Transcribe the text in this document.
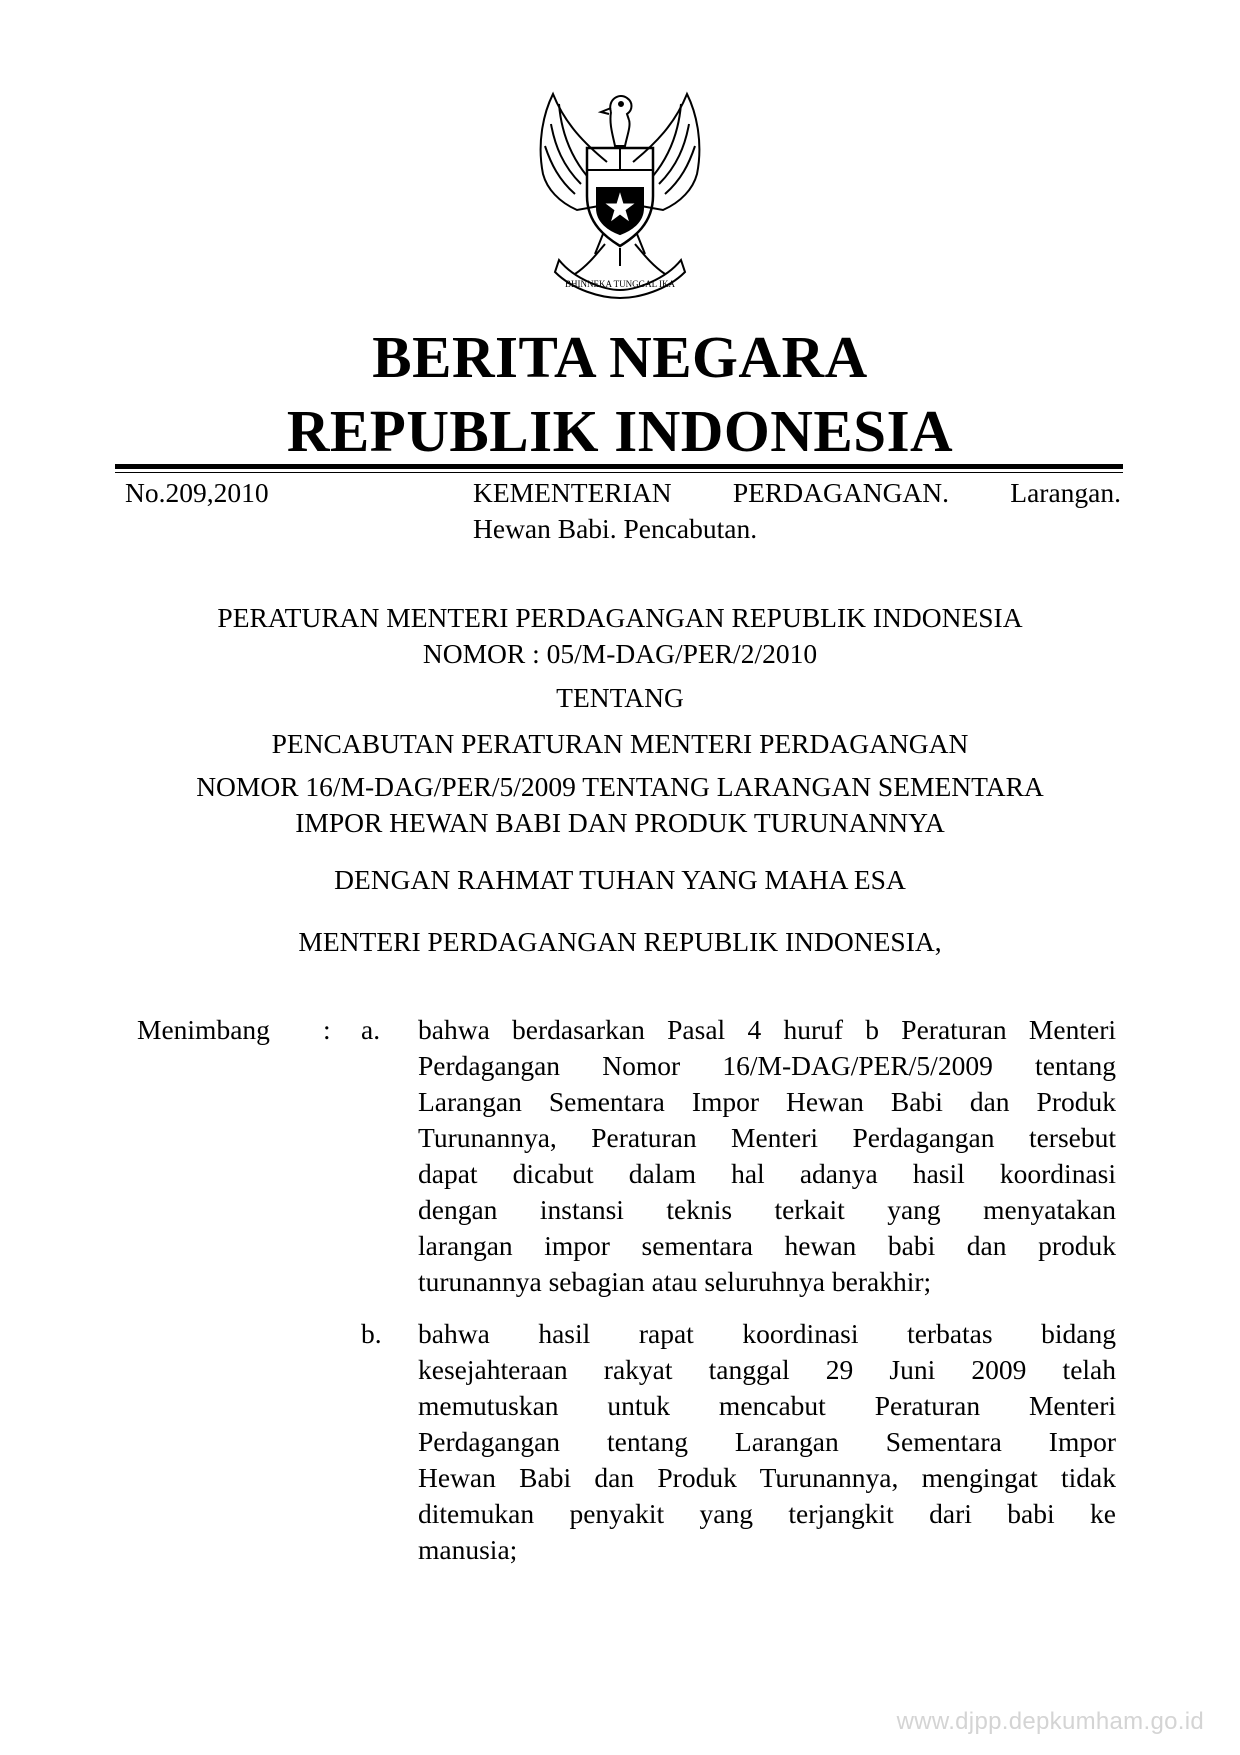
BHINNEKA TUNGGAL IKA
BERITA NEGARA
REPUBLIK INDONESIA
No.209,2010	KEMENTERIAN PERDAGANGAN. Larangan.
Hewan Babi. Pencabutan.
PERATURAN MENTERI PERDAGANGAN REPUBLIK INDONESIA
NOMOR : 05/M-DAG/PER/2/2010
TENTANG
PENCABUTAN PERATURAN MENTERI PERDAGANGAN
NOMOR 16/M-DAG/PER/5/2009 TENTANG LARANGAN SEMENTARA
IMPOR HEWAN BABI DAN PRODUK TURUNANNYA
DENGAN RAHMAT TUHAN YANG MAHA ESA
MENTERI PERDAGANGAN REPUBLIK INDONESIA,
Menimbang : a. bahwa berdasarkan Pasal 4 huruf b Peraturan Menteri
Perdagangan Nomor 16/M-DAG/PER/5/2009 tentang
Larangan Sementara Impor Hewan Babi dan Produk
Turunannya, Peraturan Menteri Perdagangan tersebut
dapat dicabut dalam hal adanya hasil koordinasi
dengan instansi teknis terkait yang menyatakan
larangan impor sementara hewan babi dan produk
turunannya sebagian atau seluruhnya berakhir;
b. bahwa hasil rapat koordinasi terbatas bidang
kesejahteraan rakyat tanggal 29 Juni 2009 telah
memutuskan untuk mencabut Peraturan Menteri
Perdagangan tentang Larangan Sementara Impor
Hewan Babi dan Produk Turunannya, mengingat tidak
ditemukan penyakit yang terjangkit dari babi ke
manusia;
www.djpp.depkumham.go.id
